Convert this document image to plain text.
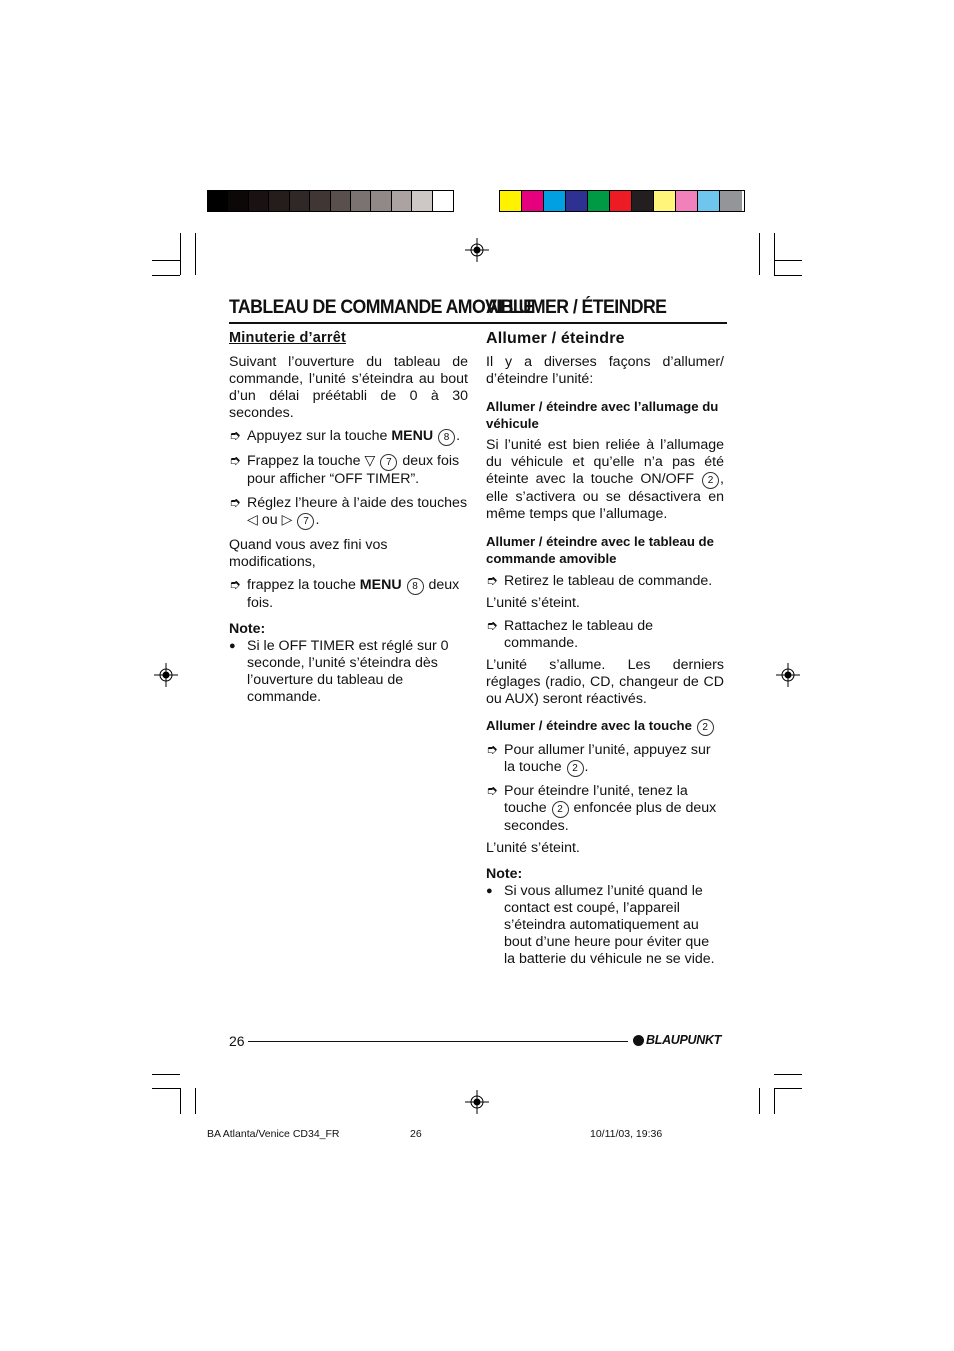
TABLEAU DE COMMANDE AMOVIBLE
ALLUMER / ÉTEINDRE

Minuterie d’arrêt

Suivant l’ouverture du tableau de commande, l’unité s’éteindra au bout d’un délai préétabli de 0 à 30 secondes.

➮ Appuyez sur la touche MENU 8 .
➮ Frappez la touche ▽ 7 deux fois pour afficher “OFF TIMER”.
➮ Réglez l’heure à l’aide des touches ◁ ou ▷ 7 .

Quand vous avez fini vos modifications,

➮ frappez la touche MENU 8 deux fois.

Note:

● Si le OFF TIMER est réglé sur 0 seconde, l’unité s’éteindra dès l’ouverture du tableau de commande.

Allumer / éteindre

Il y a diverses façons d’allumer/ d’éteindre l’unité:

Allumer / éteindre avec l’allumage du véhicule

Si l’unité est bien reliée à l’allumage du véhicule et qu’elle n’a pas été éteinte avec la touche ON/OFF 2 , elle s’activera ou se désactivera en même temps que l’allumage.

Allumer / éteindre avec le tableau de commande amovible

➮ Retirez le tableau de commande.

L’unité s’éteint.

➮ Rattachez le tableau de commande.

L’unité s’allume. Les derniers réglages (radio, CD, changeur de CD ou AUX) seront réactivés.

Allumer / éteindre avec la touche 2

➮ Pour allumer l’unité, appuyez sur la touche 2 .
➮ Pour éteindre l’unité, tenez la touche 2 enfoncée plus de deux secondes.

L’unité s’éteint.

Note:

● Si vous allumez l’unité quand le contact est coupé, l’appareil s’éteindra automatiquement au bout d’une heure pour éviter que la batterie du véhicule ne se vide.
26	BLAUPUNKT
BA Atlanta/Venice CD34_FR	26	10/11/03, 19:36
